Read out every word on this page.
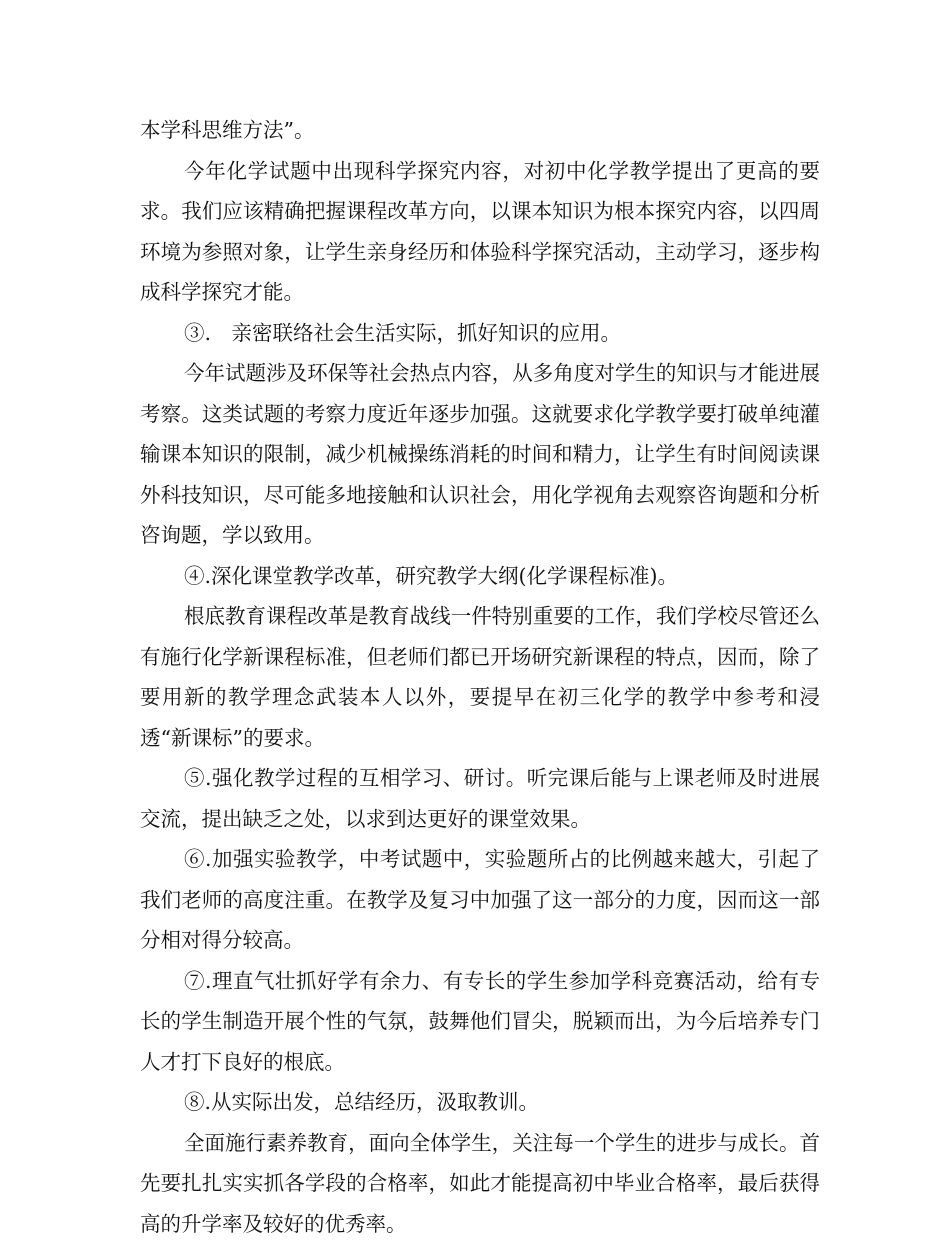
本学科思维方法”。

今年化学试题中出现科学探究内容，对初中化学教学提出了更高的要求。我们应该精确把握课程改革方向，以课本知识为根本探究内容，以四周环境为参照对象，让学生亲身经历和体验科学探究活动，主动学习，逐步构成科学探究才能。

③.　亲密联络社会生活实际，抓好知识的应用。

今年试题涉及环保等社会热点内容，从多角度对学生的知识与才能进展考察。这类试题的考察力度近年逐步加强。这就要求化学教学要打破单纯灌输课本知识的限制，减少机械操练消耗的时间和精力，让学生有时间阅读课外科技知识，尽可能多地接触和认识社会，用化学视角去观察咨询题和分析咨询题，学以致用。

④.深化课堂教学改革，研究教学大纲(化学课程标准)。

根底教育课程改革是教育战线一件特别重要的工作，我们学校尽管还么有施行化学新课程标准，但老师们都已开场研究新课程的特点，因而，除了要用新的教学理念武装本人以外，要提早在初三化学的教学中参考和浸透“新课标”的要求。

⑤.强化教学过程的互相学习、研讨。听完课后能与上课老师及时进展交流，提出缺乏之处，以求到达更好的课堂效果。

⑥.加强实验教学，中考试题中，实验题所占的比例越来越大，引起了我们老师的高度注重。在教学及复习中加强了这一部分的力度，因而这一部分相对得分较高。

⑦.理直气壮抓好学有余力、有专长的学生参加学科竞赛活动，给有专长的学生制造开展个性的气氛，鼓舞他们冒尖，脱颖而出，为今后培养专门人才打下良好的根底。

⑧.从实际出发，总结经历，汲取教训。

全面施行素养教育，面向全体学生，关注每一个学生的进步与成长。首先要扎扎实实抓各学段的合格率，如此才能提高初中毕业合格率，最后获得高的升学率及较好的优秀率。
